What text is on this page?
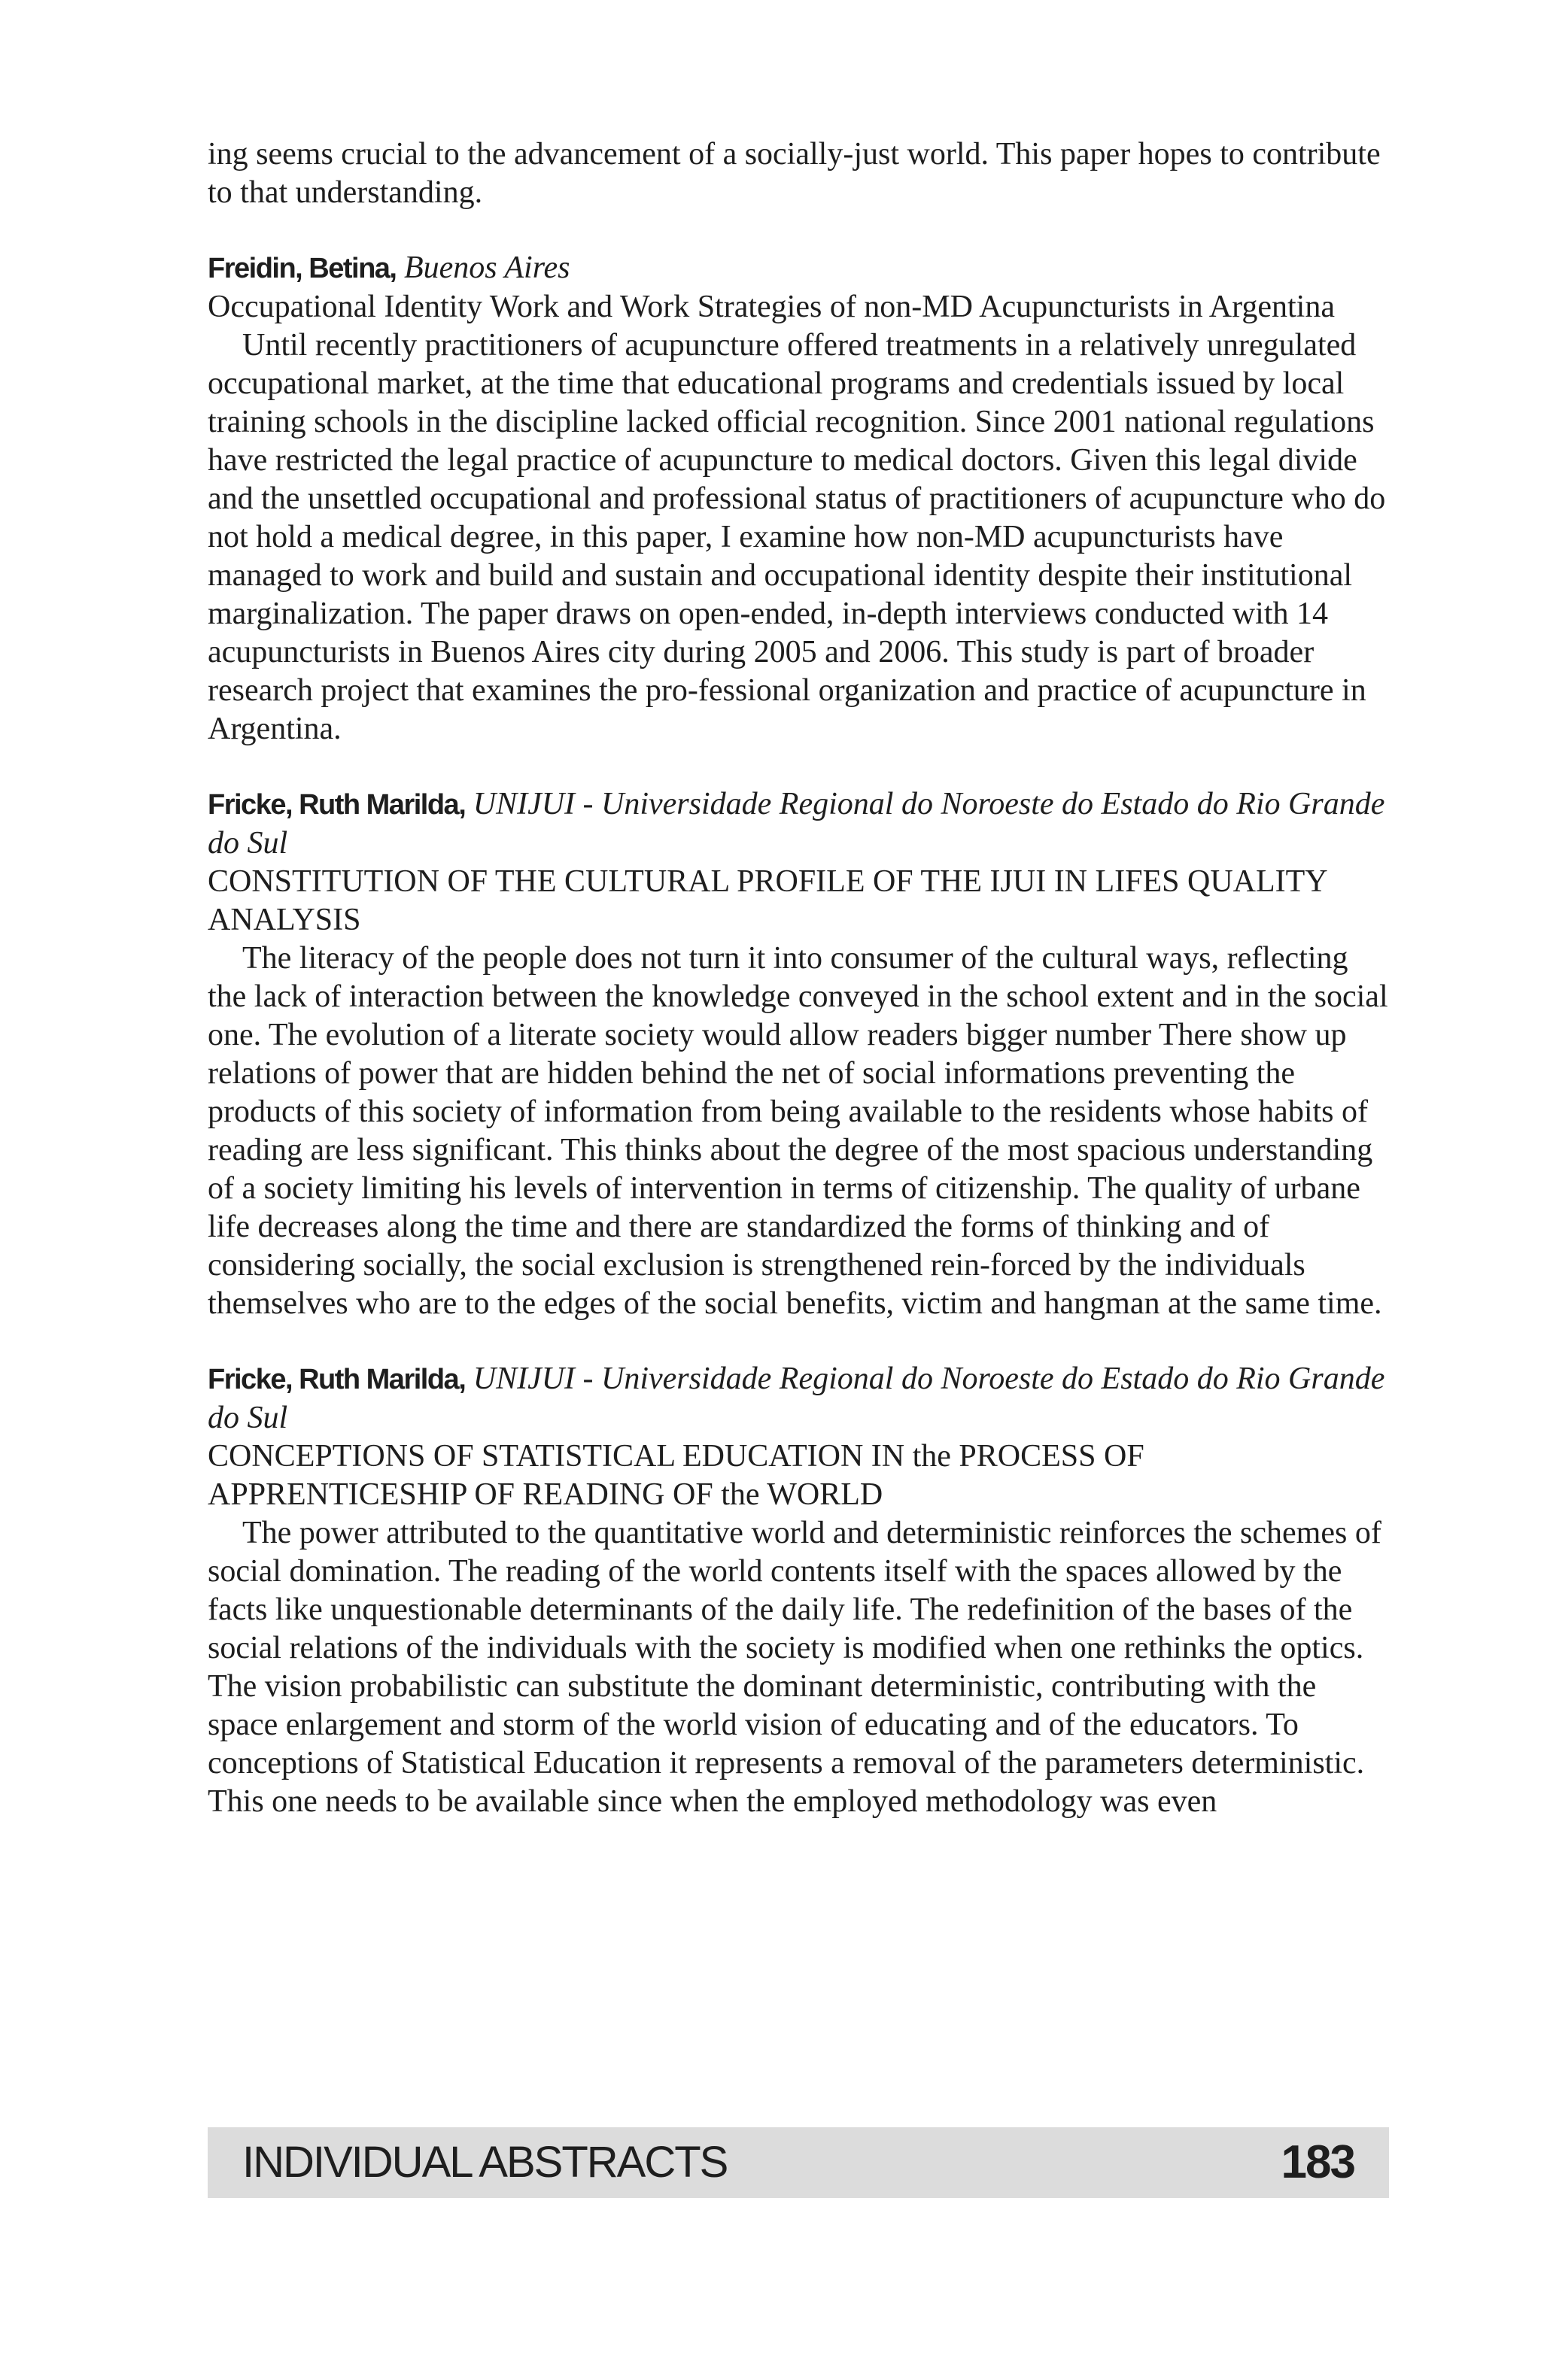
ing seems crucial to the advancement of a socially-just world. This paper hopes to contribute to that understanding.

Freidin, Betina, Buenos Aires

Occupational Identity Work and Work Strategies of non-MD Acupuncturists in Argentina

Until recently practitioners of acupuncture offered treatments in a relatively unregulated occupational market, at the time that educational programs and credentials issued by local training schools in the discipline lacked official recognition. Since 2001 national regulations have restricted the legal practice of acupuncture to medical doctors. Given this legal divide and the unsettled occupational and professional status of practitioners of acupuncture who do not hold a medical degree, in this paper, I examine how non-MD acupuncturists have managed to work and build and sustain and occupational identity despite their institutional marginalization. The paper draws on open-ended, in-depth interviews conducted with 14 acupuncturists in Buenos Aires city during 2005 and 2006. This study is part of broader research project that examines the pro-fessional organization and practice of acupuncture in Argentina.

Fricke, Ruth Marilda, UNIJUI - Universidade Regional do Noroeste do Estado do Rio Grande do Sul

CONSTITUTION OF THE CULTURAL PROFILE OF THE IJUI IN LIFES QUALITY ANALYSIS

The literacy of the people does not turn it into consumer of the cultural ways, reflecting the lack of interaction between the knowledge conveyed in the school extent and in the social one. The evolution of a literate society would allow readers bigger number There show up relations of power that are hidden behind the net of social informations preventing the products of this society of information from being available to the residents whose habits of reading are less significant. This thinks about the degree of the most spacious understanding of a society limiting his levels of intervention in terms of citizenship. The quality of urbane life decreases along the time and there are standardized the forms of thinking and of considering socially, the social exclusion is strengthened rein-forced by the individuals themselves who are to the edges of the social benefits, victim and hangman at the same time.

Fricke, Ruth Marilda, UNIJUI - Universidade Regional do Noroeste do Estado do Rio Grande do Sul

CONCEPTIONS OF STATISTICAL EDUCATION IN the PROCESS OF APPRENTICESHIP OF READING OF the WORLD

The power attributed to the quantitative world and deterministic reinforces the schemes of social domination. The reading of the world contents itself with the spaces allowed by the facts like unquestionable determinants of the daily life. The redefinition of the bases of the social relations of the individuals with the society is modified when one rethinks the optics. The vision probabilistic can substitute the dominant deterministic, contributing with the space enlargement and storm of the world vision of educating and of the educators. To conceptions of Statistical Education it represents a removal of the parameters deterministic. This one needs to be available since when the employed methodology was even

INDIVIDUAL ABSTRACTS	183
